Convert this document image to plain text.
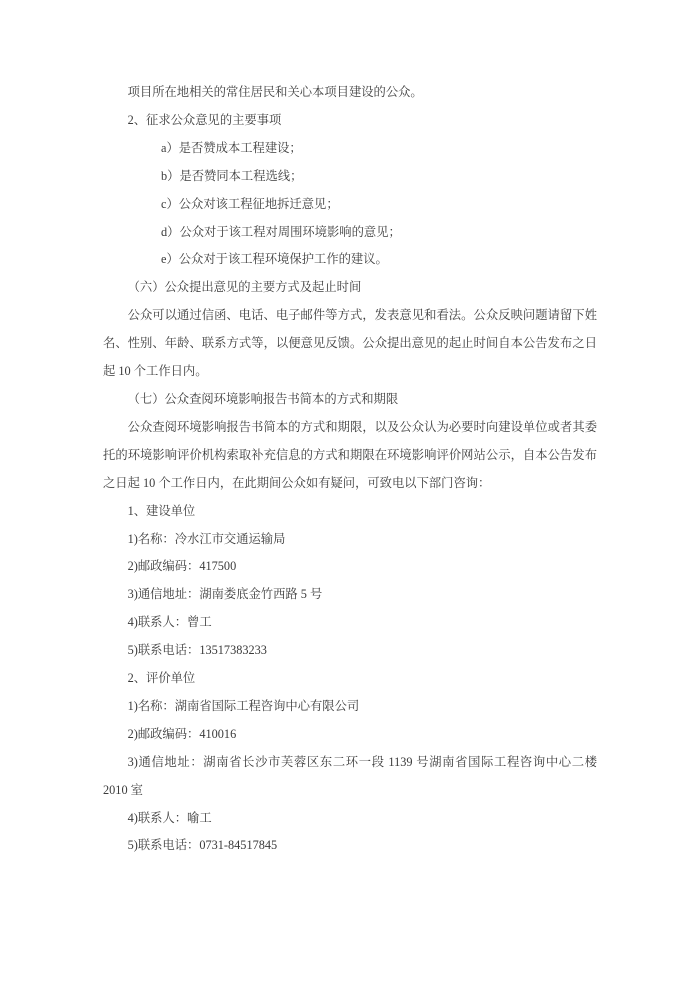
项目所在地相关的常住居民和关心本项目建设的公众。

2、征求公众意见的主要事项

a）是否赞成本工程建设；

b）是否赞同本工程选线；

c）公众对该工程征地拆迁意见；

d）公众对于该工程对周围环境影响的意见；

e）公众对于该工程环境保护工作的建议。

（六）公众提出意见的主要方式及起止时间

公众可以通过信函、电话、电子邮件等方式，发表意见和看法。公众反映问题请留下姓名、性别、年龄、联系方式等，以便意见反馈。公众提出意见的起止时间自本公告发布之日起 10 个工作日内。

（七）公众查阅环境影响报告书简本的方式和期限

公众查阅环境影响报告书简本的方式和期限，以及公众认为必要时向建设单位或者其委托的环境影响评价机构索取补充信息的方式和期限在环境影响评价网站公示，自本公告发布之日起 10 个工作日内，在此期间公众如有疑问，可致电以下部门咨询：

1、建设单位

1)名称：冷水江市交通运输局

2)邮政编码：417500

3)通信地址：湖南娄底金竹西路 5 号

4)联系人：曾工

5)联系电话：13517383233

2、评价单位

1)名称：湖南省国际工程咨询中心有限公司

2)邮政编码：410016

3)通信地址：湖南省长沙市芙蓉区东二环一段 1139 号湖南省国际工程咨询中心二楼 2010 室

4)联系人：喻工

5)联系电话：0731-84517845
